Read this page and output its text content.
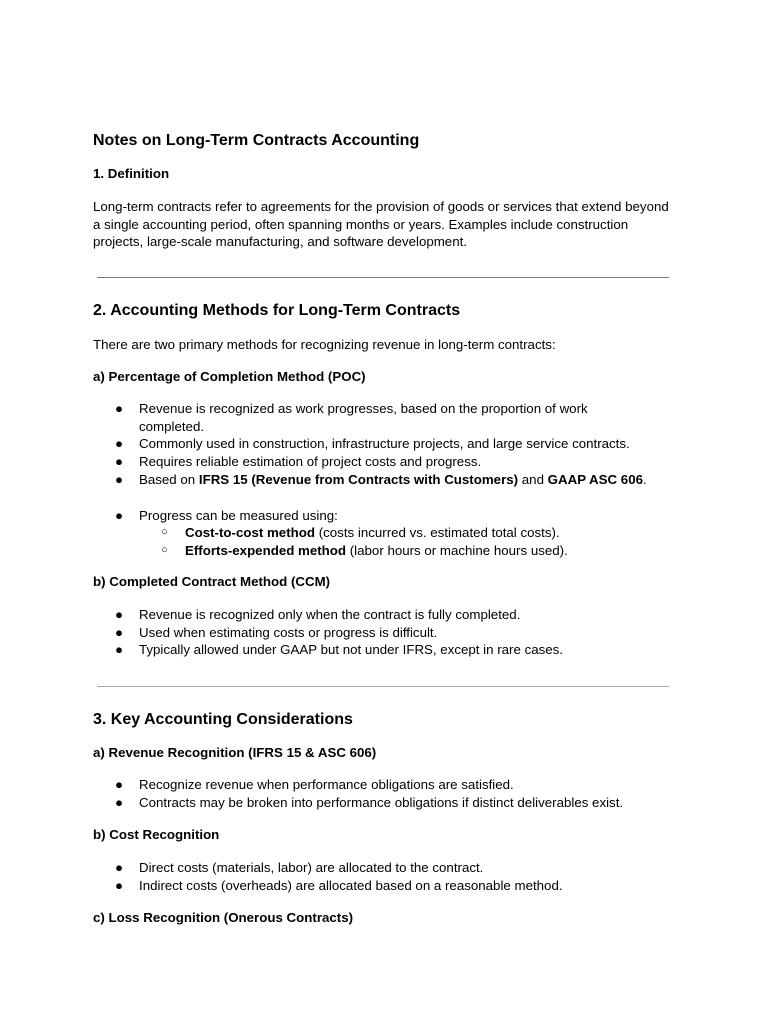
Notes on Long-Term Contracts Accounting
1. Definition
Long-term contracts refer to agreements for the provision of goods or services that extend beyond a single accounting period, often spanning months or years. Examples include construction projects, large-scale manufacturing, and software development.
2. Accounting Methods for Long-Term Contracts
There are two primary methods for recognizing revenue in long-term contracts:
a) Percentage of Completion Method (POC)
● Revenue is recognized as work progresses, based on the proportion of work completed.
● Commonly used in construction, infrastructure projects, and large service contracts.
● Requires reliable estimation of project costs and progress.
● Based on IFRS 15 (Revenue from Contracts with Customers) and GAAP ASC 606.
● Progress can be measured using:
○ Cost-to-cost method (costs incurred vs. estimated total costs).
○ Efforts-expended method (labor hours or machine hours used).
b) Completed Contract Method (CCM)
● Revenue is recognized only when the contract is fully completed.
● Used when estimating costs or progress is difficult.
● Typically allowed under GAAP but not under IFRS, except in rare cases.
3. Key Accounting Considerations
a) Revenue Recognition (IFRS 15 & ASC 606)
● Recognize revenue when performance obligations are satisfied.
● Contracts may be broken into performance obligations if distinct deliverables exist.
b) Cost Recognition
● Direct costs (materials, labor) are allocated to the contract.
● Indirect costs (overheads) are allocated based on a reasonable method.
c) Loss Recognition (Onerous Contracts)
